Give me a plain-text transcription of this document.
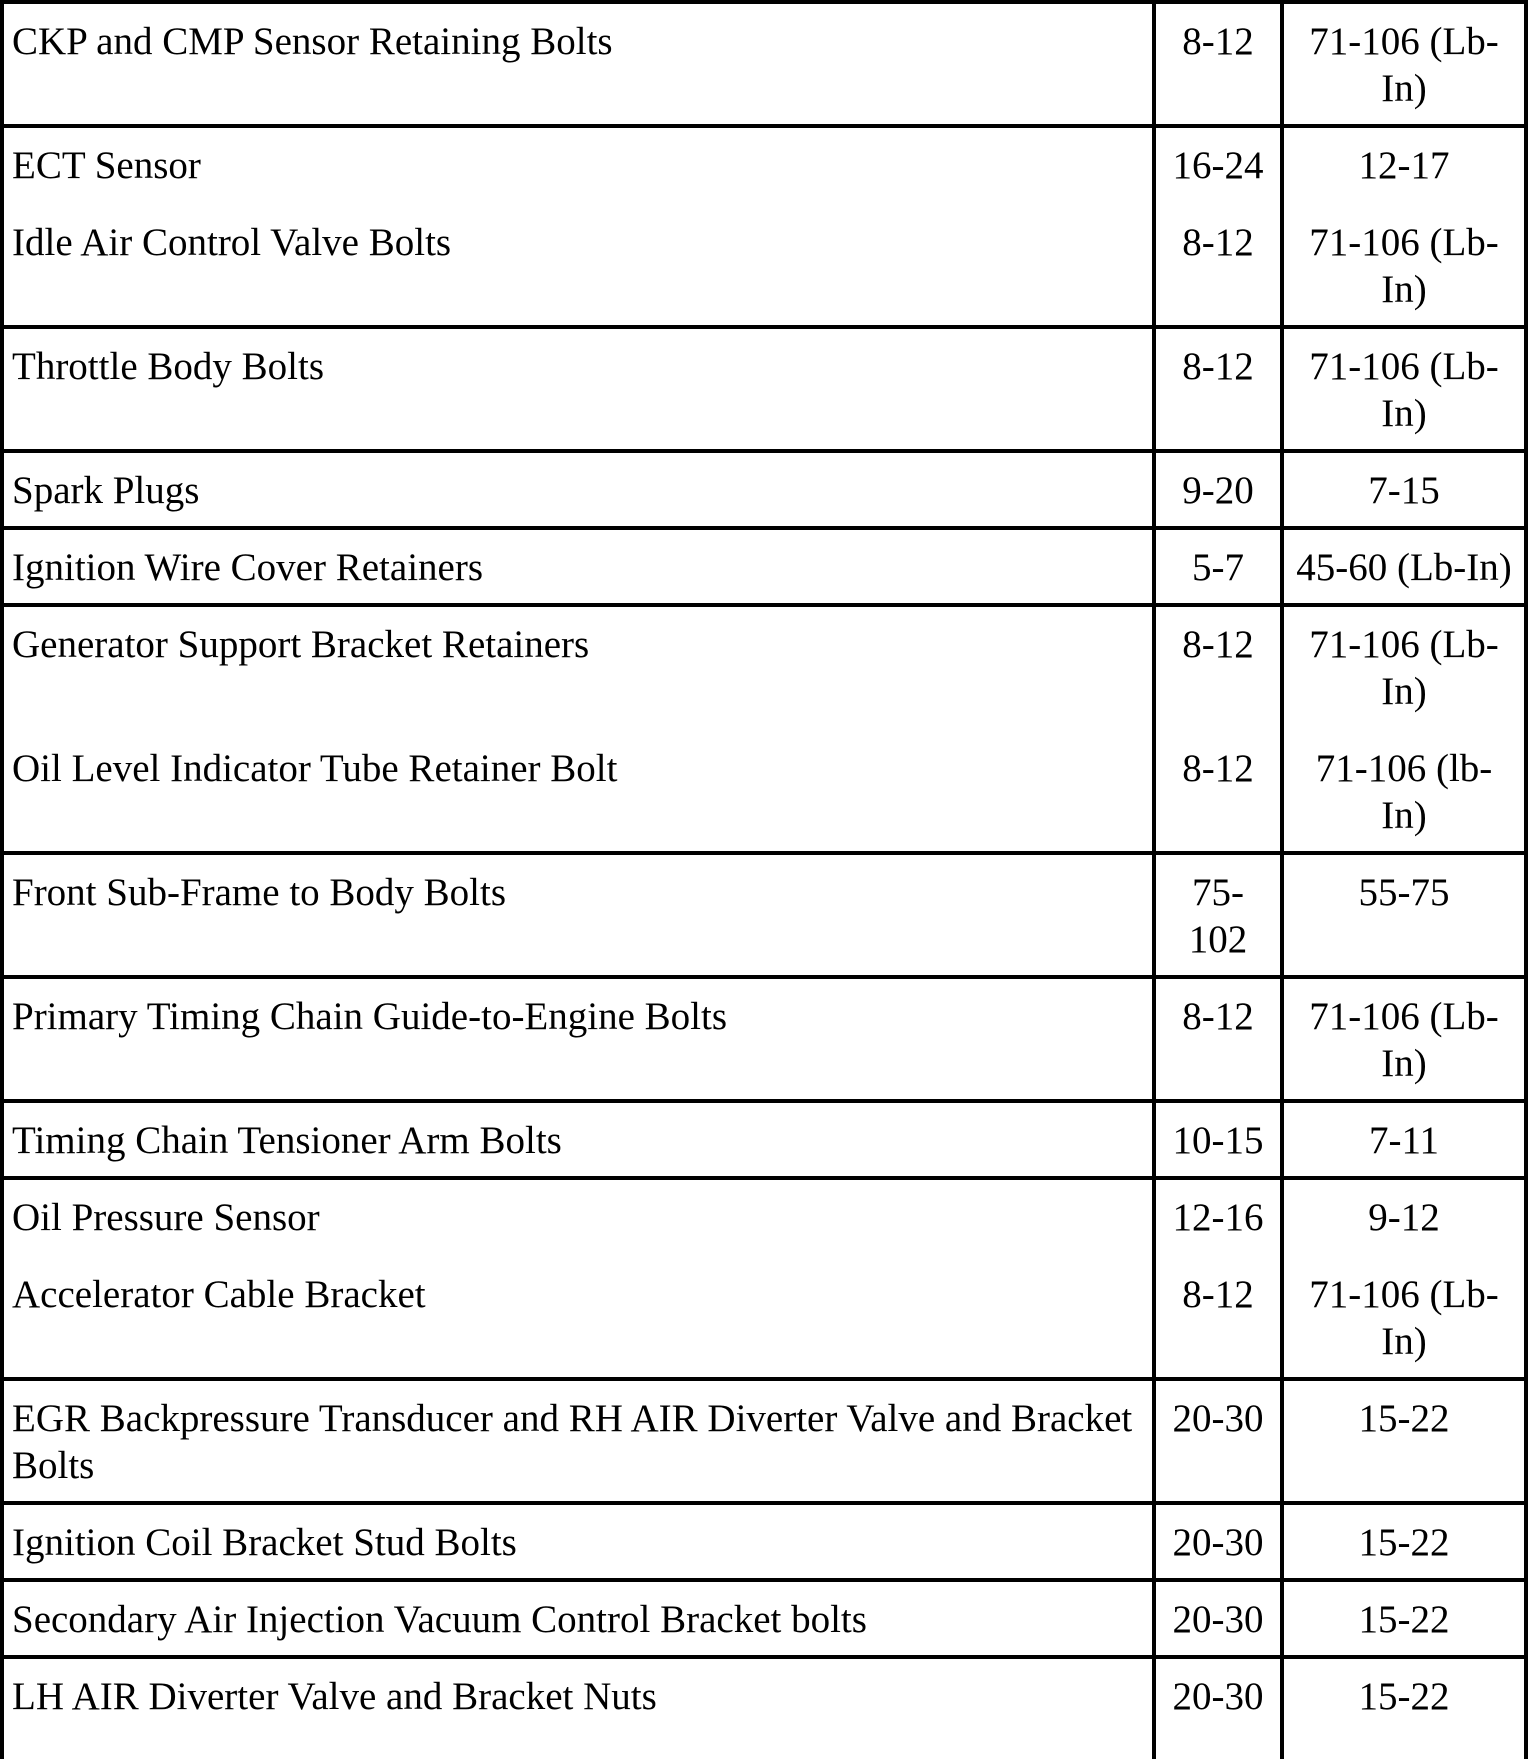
CKP and CMP Sensor Retaining Bolts	8-12	71-106 (Lb-In)
ECT Sensor	16-24	12-17
Idle Air Control Valve Bolts	8-12	71-106 (Lb-In)
Throttle Body Bolts	8-12	71-106 (Lb-In)
Spark Plugs	9-20	7-15
Ignition Wire Cover Retainers	5-7	45-60 (Lb-In)
Generator Support Bracket Retainers	8-12	71-106 (Lb-In)
Oil Level Indicator Tube Retainer Bolt	8-12	71-106 (lb-In)
Front Sub-Frame to Body Bolts	75-102	55-75
Primary Timing Chain Guide-to-Engine Bolts	8-12	71-106 (Lb-In)
Timing Chain Tensioner Arm Bolts	10-15	7-11
Oil Pressure Sensor	12-16	9-12
Accelerator Cable Bracket	8-12	71-106 (Lb-In)
EGR Backpressure Transducer and RH AIR Diverter Valve and Bracket Bolts	20-30	15-22
Ignition Coil Bracket Stud Bolts	20-30	15-22
Secondary Air Injection Vacuum Control Bracket bolts	20-30	15-22
LH AIR Diverter Valve and Bracket Nuts	20-30	15-22
